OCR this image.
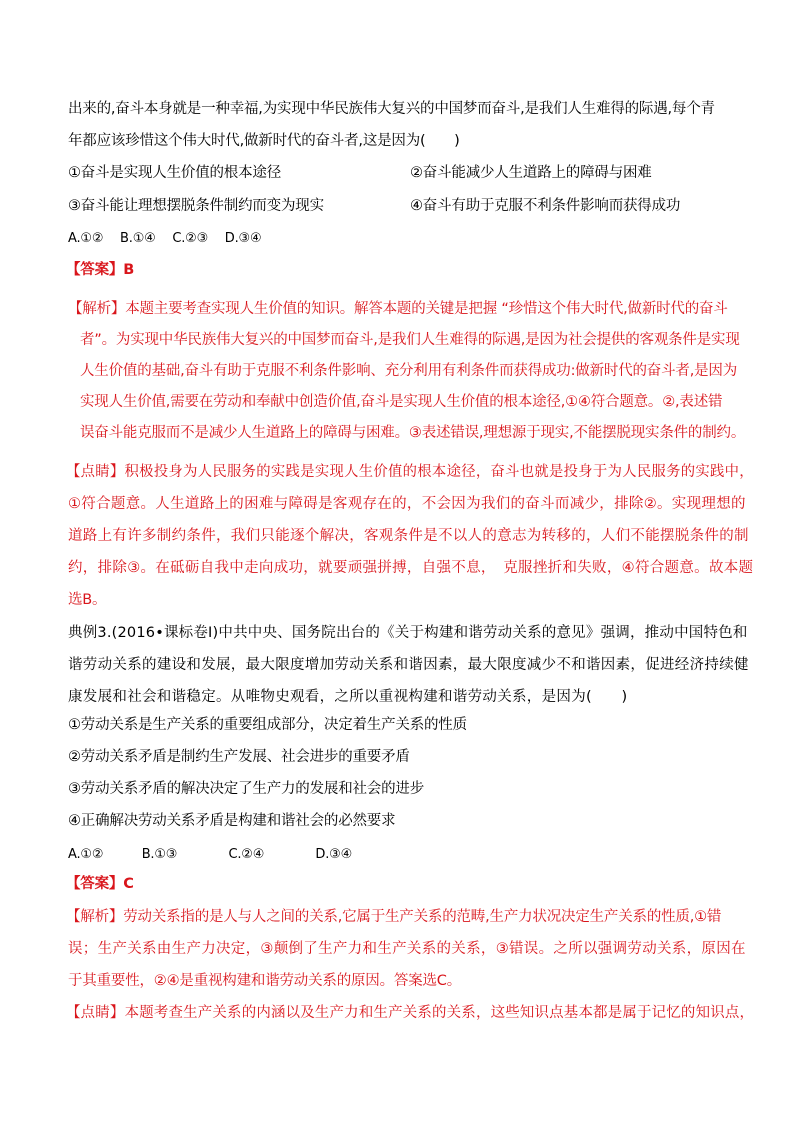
出来的,奋斗本身就是一种幸福,为实现中华民族伟大复兴的中国梦而奋斗,是我们人生难得的际遇,每个青
年都应该珍惜这个伟大时代,做新时代的奋斗者,这是因为(　　)
①奋斗是实现人生价值的根本途径	②奋斗能减少人生道路上的障碍与困难
③奋斗能让理想摆脱条件制约而变为现实	④奋斗有助于克服不利条件影响而获得成功
A.①②　 B.①④　 C.②③　 D.③④
【答案】B
【解析】本题主要考查实现人生价值的知识。解答本题的关键是把握 “珍惜这个伟大时代,做新时代的奋斗
者”。为实现中华民族伟大复兴的中国梦而奋斗,是我们人生难得的际遇,是因为社会提供的客观条件是实现
人生价值的基础,奋斗有助于克服不利条件影响、充分利用有利条件而获得成功:做新时代的奋斗者,是因为
实现人生价值,需要在劳动和奉献中创造价值,奋斗是实现人生价值的根本途径,①④符合题意。②,表述错
误奋斗能克服而不是减少人生道路上的障碍与困难。③表述错误,理想源于现实,不能摆脱现实条件的制约。
【点睛】积极投身为人民服务的实践是实现人生价值的根本途径，奋斗也就是投身于为人民服务的实践中，
①符合题意。人生道路上的困难与障碍是客观存在的，不会因为我们的奋斗而减少，排除②。实现理想的
道路上有许多制约条件，我们只能逐个解决，客观条件是不以人的意志为转移的，人们不能摆脱条件的制
约，排除③。在砥砺自我中走向成功，就要顽强拼搏，自强不息，　克服挫折和失败，④符合题意。故本题
选B。
典例3.(2016•课标卷Ⅰ)中共中央、国务院出台的《关于构建和谐劳动关系的意见》强调，推动中国特色和
谐劳动关系的建设和发展，最大限度增加劳动关系和谐因素，最大限度减少不和谐因素，促进经济持续健
康发展和社会和谐稳定。从唯物史观看，之所以重视构建和谐劳动关系，是因为(　　)
①劳动关系是生产关系的重要组成部分，决定着生产关系的性质
②劳动关系矛盾是制约生产发展、社会进步的重要矛盾
③劳动关系矛盾的解决决定了生产力的发展和社会的进步
④正确解决劳动关系矛盾是构建和谐社会的必然要求
A.①②　　　B.①③　　　　C.②④　　　　D.③④
【答案】C
【解析】劳动关系指的是人与人之间的关系,它属于生产关系的范畴,生产力状况决定生产关系的性质,①错
误；生产关系由生产力决定，③颠倒了生产力和生产关系的关系，③错误。之所以强调劳动关系，原因在
于其重要性，②④是重视构建和谐劳动关系的原因。答案选C。
【点睛】本题考查生产关系的内涵以及生产力和生产关系的关系，这些知识点基本都是属于记忆的知识点，
